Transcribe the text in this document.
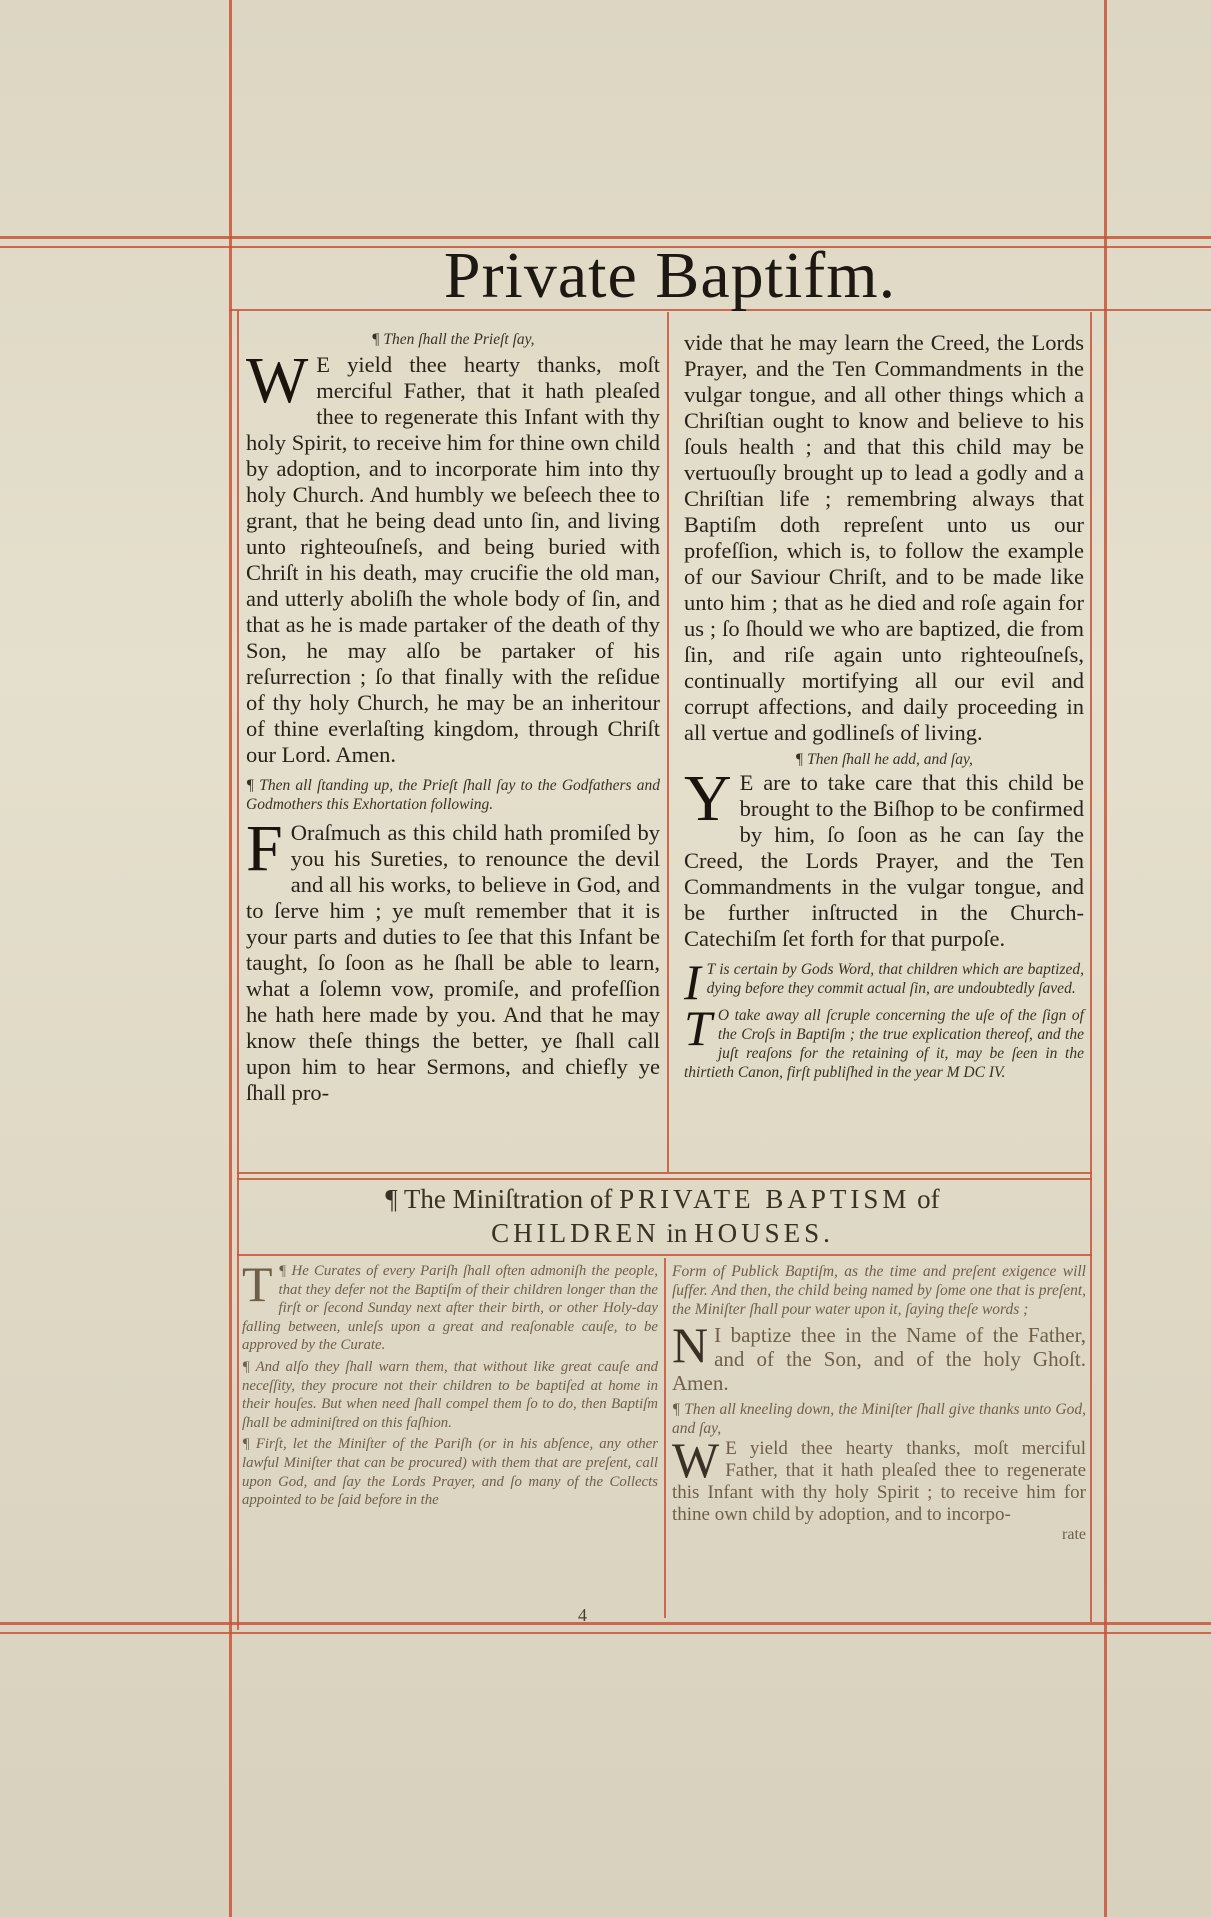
Private Baptifm.

¶ Then ſhall the Prieſt ſay,

W E yield thee hearty thanks, moſt merciful Father, that it hath pleaſed thee to regenerate this Infant with thy holy Spirit, to receive him for thine own child by adoption, and to incorporate him into thy holy Church. And humbly we beſeech thee to grant, that he being dead unto ſin, and living unto righteouſneſs, and being buried with Chriſt in his death, may crucifie the old man, and utterly aboliſh the whole body of ſin, and that as he is made partaker of the death of thy Son, he may alſo be partaker of his reſurrection ; ſo that finally with the reſidue of thy holy Church, he may be an inheritour of thine everlaſting kingdom, through Chriſt our Lord. Amen.

¶ Then all ſtanding up, the Prieſt ſhall ſay to the Godfathers and Godmothers this Exhortation following.

F Oraſmuch as this child hath promiſed by you his Sureties, to renounce the devil and all his works, to believe in God, and to ſerve him ; ye muſt remember that it is your parts and duties to ſee that this Infant be taught, ſo ſoon as he ſhall be able to learn, what a ſolemn vow, promiſe, and profeſſion he hath here made by you. And that he may know theſe things the better, ye ſhall call upon him to hear Sermons, and chiefly ye ſhall pro-

vide that he may learn the Creed, the Lords Prayer, and the Ten Commandments in the vulgar tongue, and all other things which a Chriſtian ought to know and believe to his ſouls health ; and that this child may be vertuouſly brought up to lead a godly and a Chriſtian life ; remembring always that Baptiſm doth repreſent unto us our profeſſion, which is, to follow the example of our Saviour Chriſt, and to be made like unto him ; that as he died and roſe again for us ; ſo ſhould we who are baptized, die from ſin, and riſe again unto righteouſneſs, continually mortifying all our evil and corrupt affections, and daily proceeding in all vertue and godlineſs of living.

¶ Then ſhall he add, and ſay,

Y E are to take care that this child be brought to the Biſhop to be confirmed by him, ſo ſoon as he can ſay the Creed, the Lords Prayer, and the Ten Commandments in the vulgar tongue, and be further inſtructed in the Church-Catechiſm ſet forth for that purpoſe.

I T is certain by Gods Word, that children which are baptized, dying before they commit actual ſin, are undoubtedly ſaved.

T O take away all ſcruple concerning the uſe of the ſign of the Croſs in Baptiſm ; the true explication thereof, and the juſt reaſons for the retaining of it, may be ſeen in the thirtieth Canon, firſt publiſhed in the year M DC IV.

¶ The Miniſtration of PRIVATE BAPTISM of
CHILDREN in HOUSES.

T ¶ He Curates of every Pariſh ſhall often admoniſh the people, that they defer not the Baptiſm of their children longer than the firſt or ſecond Sunday next after their birth, or other Holy-day falling between, unleſs upon a great and reaſonable cauſe, to be approved by the Curate.

¶ And alſo they ſhall warn them, that without like great cauſe and neceſſity, they procure not their children to be baptiſed at home in their houſes. But when need ſhall compel them ſo to do, then Baptiſm ſhall be adminiſtred on this faſhion.

¶ Firſt, let the Miniſter of the Pariſh (or in his abſence, any other lawful Miniſter that can be procured) with them that are preſent, call upon God, and ſay the Lords Prayer, and ſo many of the Collects appointed to be ſaid before in the

Form of Publick Baptiſm, as the time and preſent exigence will ſuffer. And then, the child being named by ſome one that is preſent, the Miniſter ſhall pour water upon it, ſaying theſe words ;

N I baptize thee in the Name of the Father, and of the Son, and of the holy Ghoſt. Amen.

¶ Then all kneeling down, the Miniſter ſhall give thanks unto God, and ſay,

W E yield thee hearty thanks, moſt merciful Father, that it hath pleaſed thee to regenerate this Infant with thy holy Spirit ; to receive him for thine own child by adoption, and to incorpo-

rate

4
